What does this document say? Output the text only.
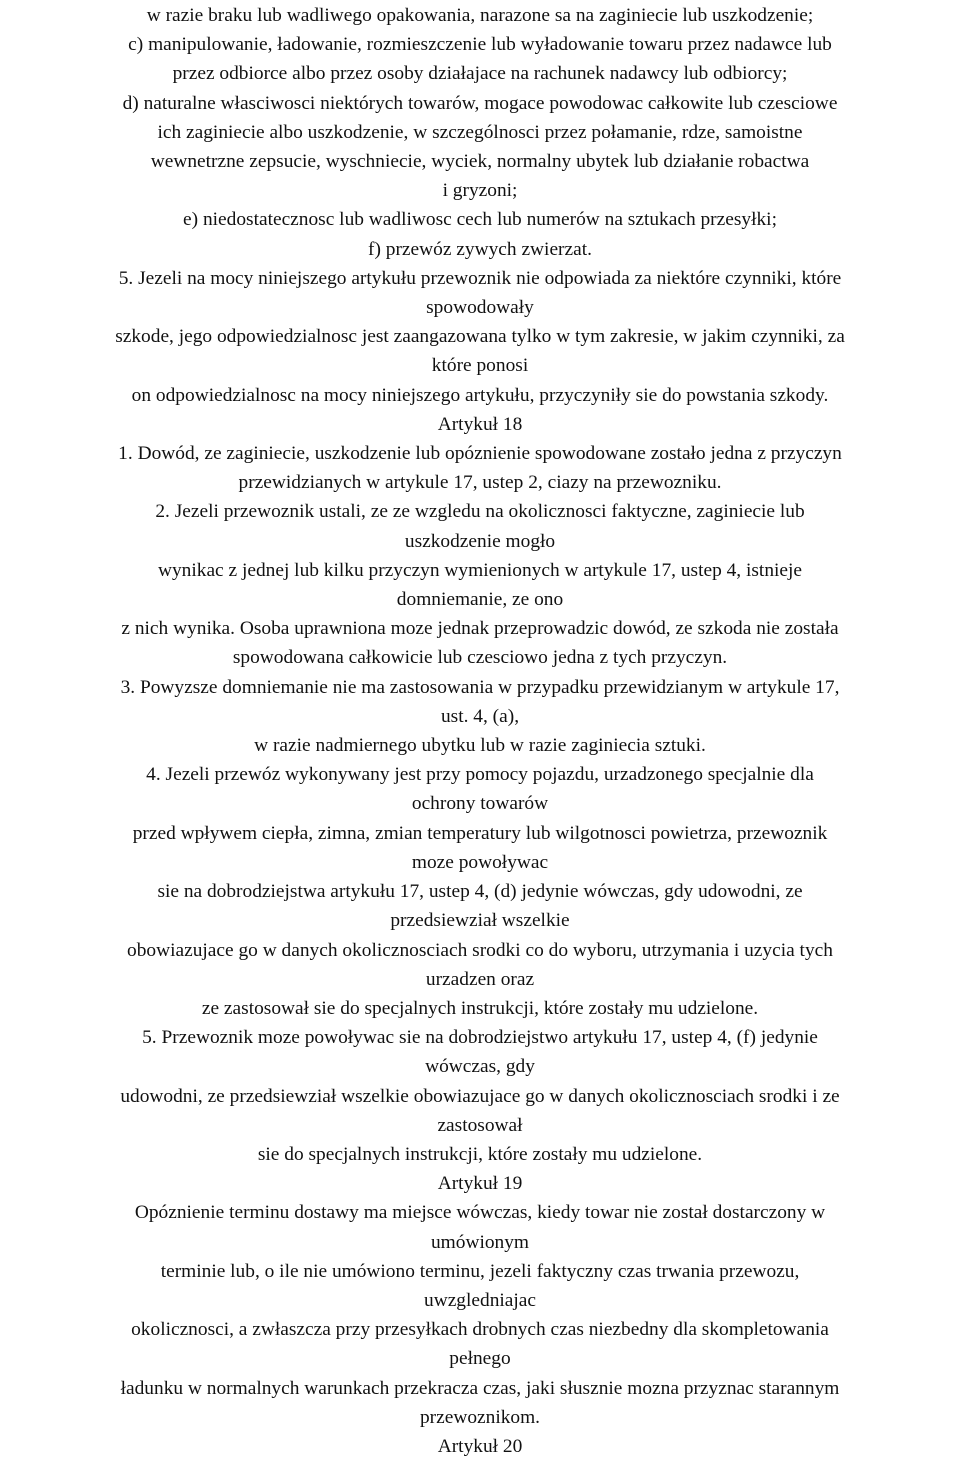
w razie braku lub wadliwego opakowania, narazone sa na zaginiecie lub uszkodzenie;
c) manipulowanie, ładowanie, rozmieszczenie lub wyładowanie towaru przez nadawce lub
przez odbiorce albo przez osoby działajace na rachunek nadawcy lub odbiorcy;
d) naturalne własciwosci niektórych towarów, mogace powodowac całkowite lub czesciowe
ich zaginiecie albo uszkodzenie, w szczególnosci przez połamanie, rdze, samoistne
wewnetrzne zepsucie, wyschniecie, wyciek, normalny ubytek lub działanie robactwa
i gryzoni;
e) niedostatecznosc lub wadliwosc cech lub numerów na sztukach przesyłki;
f) przewóz zywych zwierzat.
5. Jezeli na mocy niniejszego artykułu przewoznik nie odpowiada za niektóre czynniki, które
spowodowały
szkode, jego odpowiedzialnosc jest zaangazowana tylko w tym zakresie, w jakim czynniki, za
które ponosi
on odpowiedzialnosc na mocy niniejszego artykułu, przyczyniły sie do powstania szkody.
Artykuł 18
1. Dowód, ze zaginiecie, uszkodzenie lub opóznienie spowodowane zostało jedna z przyczyn
przewidzianych w artykule 17, ustep 2, ciazy na przewozniku.
2. Jezeli przewoznik ustali, ze ze wzgledu na okolicznosci faktyczne, zaginiecie lub
uszkodzenie mogło
wynikac z jednej lub kilku przyczyn wymienionych w artykule 17, ustep 4, istnieje
domniemanie, ze ono
z nich wynika. Osoba uprawniona moze jednak przeprowadzic dowód, ze szkoda nie została
spowodowana całkowicie lub czesciowo jedna z tych przyczyn.
3. Powyzsze domniemanie nie ma zastosowania w przypadku przewidzianym w artykule 17,
ust. 4, (a),
w razie nadmiernego ubytku lub w razie zaginiecia sztuki.
4. Jezeli przewóz wykonywany jest przy pomocy pojazdu, urzadzonego specjalnie dla
ochrony towarów
przed wpływem ciepła, zimna, zmian temperatury lub wilgotnosci powietrza, przewoznik
moze powoływac
sie na dobrodziejstwa artykułu 17, ustep 4, (d) jedynie wówczas, gdy udowodni, ze
przedsiewział wszelkie
obowiazujace go w danych okolicznosciach srodki co do wyboru, utrzymania i uzycia tych
urzadzen oraz
ze zastosował sie do specjalnych instrukcji, które zostały mu udzielone.
5. Przewoznik moze powoływac sie na dobrodziejstwo artykułu 17, ustep 4, (f) jedynie
wówczas, gdy
udowodni, ze przedsiewział wszelkie obowiazujace go w danych okolicznosciach srodki i ze
zastosował
sie do specjalnych instrukcji, które zostały mu udzielone.
Artykuł 19
Opóznienie terminu dostawy ma miejsce wówczas, kiedy towar nie został dostarczony w
umówionym
terminie lub, o ile nie umówiono terminu, jezeli faktyczny czas trwania przewozu,
uwzgledniajac
okolicznosci, a zwłaszcza przy przesyłkach drobnych czas niezbedny dla skompletowania
pełnego
ładunku w normalnych warunkach przekracza czas, jaki słusznie mozna przyznac starannym
przewoznikom.
Artykuł 20
